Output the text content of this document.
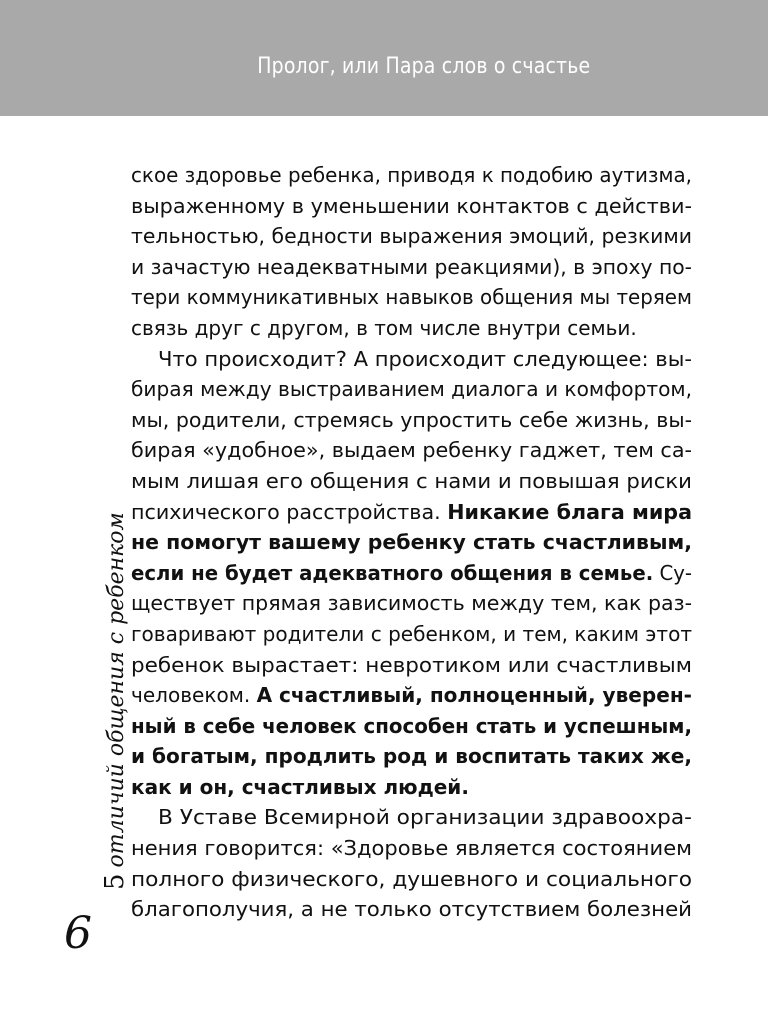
Пролог, или Пара слов о счастье
5отличий общения с ребенком
6
ское здоровье ребенка, приводя к подобию аутизма,
выраженному в уменьшении контактов с действи-
тельностью, бедности выражения эмоций, резкими
и зачастую неадекватными реакциями), в эпоху по-
тери коммуникативных навыков общения мы теряем
связь друг с другом, в том числе внутри семьи.
Что происходит? А происходит следующее: вы-
бирая между выстраиванием диалога и комфортом,
мы, родители, стремясь упростить себе жизнь, вы-
бирая «удобное», выдаем ребенку гаджет, тем са-
мым лишая его общения с нами и повышая риски
психического расстройства. Никакие блага мира
не помогут вашему ребенку стать счастливым,
если не будет адекватного общения в семье. Су-
ществует прямая зависимость между тем, как раз-
говаривают родители с ребенком, и тем, каким этот
ребенок вырастает: невротиком или счастливым
человеком. А счастливый, полноценный, уверен-
ный в себе человек способен стать и успешным,
и богатым, продлить род и воспитать таких же,
как и он, счастливых людей.
В Уставе Всемирной организации здравоохра-
нения говорится: «Здоровье является состоянием
полного физического, душевного и социального
благополучия, а не только отсутствием болезней
